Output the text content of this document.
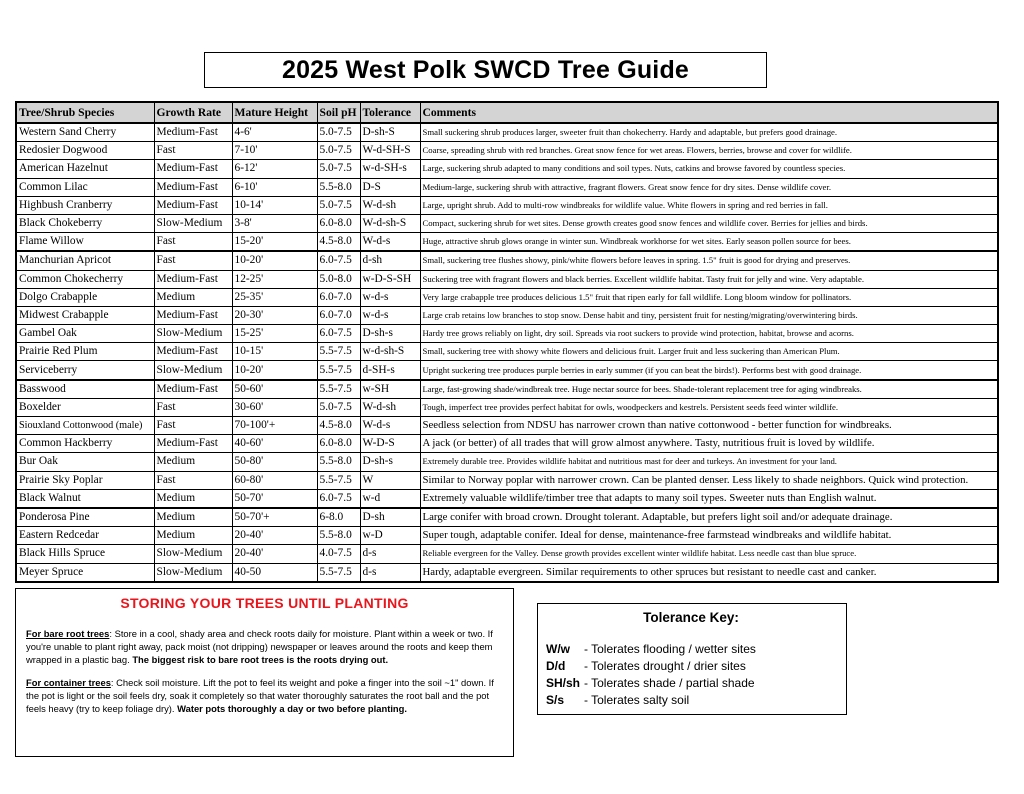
2025 West Polk SWCD Tree Guide
Tree/Shrub Species	Growth Rate	Mature Height	Soil pH	Tolerance	Comments
Western Sand Cherry	Medium-Fast	4-6'	5.0-7.5	D-sh-S	Small suckering shrub produces larger, sweeter fruit than chokecherry. Hardy and adaptable, but prefers good drainage.
Redosier Dogwood	Fast	7-10'	5.0-7.5	W-d-SH-S	Coarse, spreading shrub with red branches. Great snow fence for wet areas. Flowers, berries, browse and cover for wildlife.
American Hazelnut	Medium-Fast	6-12'	5.0-7.5	w-d-SH-s	Large, suckering shrub adapted to many conditions and soil types. Nuts, catkins and browse favored by countless species.
Common Lilac	Medium-Fast	6-10'	5.5-8.0	D-S	Medium-large, suckering shrub with attractive, fragrant flowers. Great snow fence for dry sites. Dense wildlife cover.
Highbush Cranberry	Medium-Fast	10-14'	5.0-7.5	W-d-sh	Large, upright shrub. Add to multi-row windbreaks for wildlife value. White flowers in spring and red berries in fall.
Black Chokeberry	Slow-Medium	3-8'	6.0-8.0	W-d-sh-S	Compact, suckering shrub for wet sites. Dense growth creates good snow fences and wildlife cover. Berries for jellies and birds.
Flame Willow	Fast	15-20'	4.5-8.0	W-d-s	Huge, attractive shrub glows orange in winter sun. Windbreak workhorse for wet sites. Early season pollen source for bees.
Manchurian Apricot	Fast	10-20'	6.0-7.5	d-sh	Small, suckering tree flushes showy, pink/white flowers before leaves in spring. 1.5" fruit is good for drying and preserves.
Common Chokecherry	Medium-Fast	12-25'	5.0-8.0	w-D-S-SH	Suckering tree with fragrant flowers and black berries. Excellent wildlife habitat. Tasty fruit for jelly and wine. Very adaptable.
Dolgo Crabapple	Medium	25-35'	6.0-7.0	w-d-s	Very large crabapple tree produces delicious 1.5" fruit that ripen early for fall wildlife. Long bloom window for pollinators.
Midwest Crabapple	Medium-Fast	20-30'	6.0-7.0	w-d-s	Large crab retains low branches to stop snow. Dense habit and tiny, persistent fruit for nesting/migrating/overwintering birds.
Gambel Oak	Slow-Medium	15-25'	6.0-7.5	D-sh-s	Hardy tree grows reliably on light, dry soil. Spreads via root suckers to provide wind protection, habitat, browse and acorns.
Prairie Red Plum	Medium-Fast	10-15'	5.5-7.5	w-d-sh-S	Small, suckering tree with showy white flowers and delicious fruit. Larger fruit and less suckering than American Plum.
Serviceberry	Slow-Medium	10-20'	5.5-7.5	d-SH-s	Upright suckering tree produces purple berries in early summer (if you can beat the birds!). Performs best with good drainage.
Basswood	Medium-Fast	50-60'	5.5-7.5	w-SH	Large, fast-growing shade/windbreak tree. Huge nectar source for bees. Shade-tolerant replacement tree for aging windbreaks.
Boxelder	Fast	30-60'	5.0-7.5	W-d-sh	Tough, imperfect tree provides perfect habitat for owls, woodpeckers and kestrels. Persistent seeds feed winter wildlife.
Siouxland Cottonwood (male)	Fast	70-100'+	4.5-8.0	W-d-s	Seedless selection from NDSU has narrower crown than native cottonwood - better function for windbreaks.
Common Hackberry	Medium-Fast	40-60'	6.0-8.0	W-D-S	A jack (or better) of all trades that will grow almost anywhere. Tasty, nutritious fruit is loved by wildlife.
Bur Oak	Medium	50-80'	5.5-8.0	D-sh-s	Extremely durable tree. Provides wildlife habitat and nutritious mast for deer and turkeys. An investment for your land.
Prairie Sky Poplar	Fast	60-80'	5.5-7.5	W	Similar to Norway poplar with narrower crown. Can be planted denser. Less likely to shade neighbors. Quick wind protection.
Black Walnut	Medium	50-70'	6.0-7.5	w-d	Extremely valuable wildlife/timber tree that adapts to many soil types. Sweeter nuts than English walnut.
Ponderosa Pine	Medium	50-70'+	6-8.0	D-sh	Large conifer with broad crown. Drought tolerant. Adaptable, but prefers light soil and/or adequate drainage.
Eastern Redcedar	Medium	20-40'	5.5-8.0	w-D	Super tough, adaptable conifer. Ideal for dense, maintenance-free farmstead windbreaks and wildlife habitat.
Black Hills Spruce	Slow-Medium	20-40'	4.0-7.5	d-s	Reliable evergreen for the Valley. Dense growth provides excellent winter wildlife habitat. Less needle cast than blue spruce.
Meyer Spruce	Slow-Medium	40-50	5.5-7.5	d-s	Hardy, adaptable evergreen. Similar requirements to other spruces but resistant to needle cast and canker.
STORING YOUR TREES UNTIL PLANTING

For bare root trees: Store in a cool, shady area and check roots daily for moisture. Plant within a week or two. If you're unable to plant right away, pack moist (not dripping) newspaper or leaves around the roots and keep them wrapped in a plastic bag. The biggest risk to bare root trees is the roots drying out.

For container trees: Check soil moisture. Lift the pot to feel its weight and poke a finger into the soil ~1" down. If the pot is light or the soil feels dry, soak it completely so that water thoroughly saturates the root ball and the pot feels heavy (try to keep foliage dry). Water pots thoroughly a day or two before planting.

Tolerance Key:
W/w	- Tolerates flooding / wetter sites
D/d	- Tolerates drought / drier sites
SH/sh - Tolerates shade / partial shade
S/s	- Tolerates salty soil
